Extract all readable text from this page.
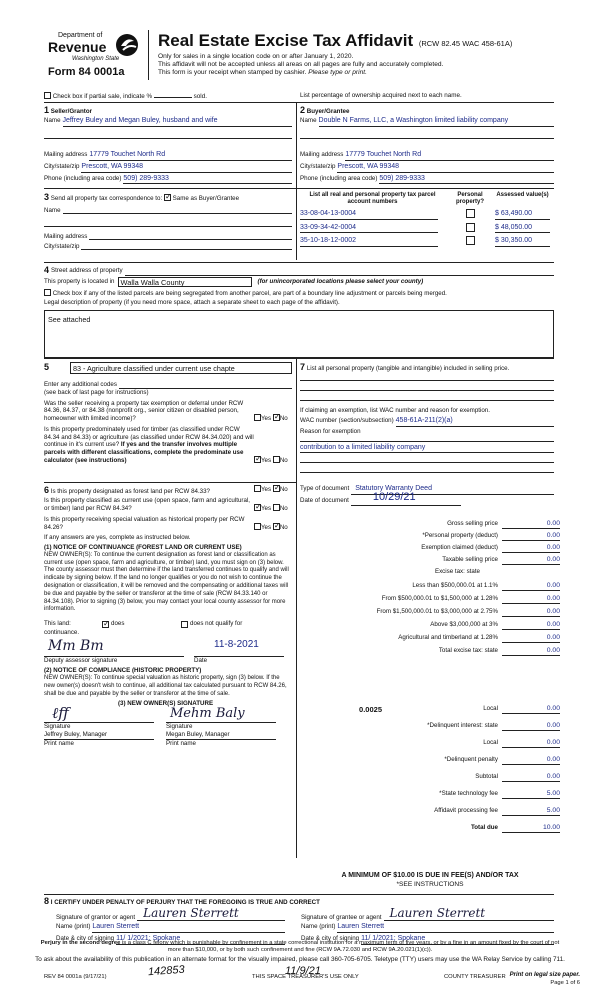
Department of
Revenue
Washington State
Form 84 0001a
Real Estate Excise Tax Affidavit (RCW 82.45 WAC 458-61A)
Only for sales in a single location code on or after January 1, 2020.
This affidavit will not be accepted unless all areas on all pages are fully and accurately completed.
This form is your receipt when stamped by cashier. Please type or print.
Check box if partial sale, indicate %	sold.	List percentage of ownership acquired next to each name.
1 Seller/Grantor
Name Jeffrey Buley and Megan Buley, husband and wife
Mailing address 17779 Touchet North Rd
City/state/zip Prescott, WA 99348
Phone (including area code) 509) 289-9333
2 Buyer/Grantee
Name Double N Farms, LLC, a Washington limited liability company
Mailing address 17779 Touchet North Rd
City/state/zip Prescott, WA 99348
Phone (including area code) 509) 289-9333
3 Send all property tax correspondence to: ✓ Same as Buyer/Grantee
Name
Mailing address
City/state/zip
List all real and personal property tax parcel account numbers
Personal property?
Assessed value(s)
33-08-04-13-0004	$ 63,490.00
33-09-34-42-0004	$ 48,050.00
35-10-18-12-0002	$ 30,350.00
4 Street address of property
This property is located in Walla Walla County	(for unincorporated locations please select your county)
Check box if any of the listed parcels are being segregated from another parcel, are part of a boundary line adjustment or parcels being merged.
Legal description of property (if you need more space, attach a separate sheet to each page of the affidavit).
See attached
5	83 - Agriculture classified under current use chapte
Enter any additional codes
(see back of last page for instructions)
Was the seller receiving a property tax exemption or deferral under RCW 84.36, 84.37, or 84.38 (nonprofit org., senior citizen or disabled person, homeowner with limited income)?	Yes ✓ No
Is this property predominately used for timber (as classified under RCW 84.34 and 84.33) or agriculture (as classified under RCW 84.34.020) and will continue in it's current use? If yes and the transfer involves multiple parcels with different classifications, complete the predominate use calculator (see instructions) ✓	Yes No
6 Is this property designated as forest land per RCW 84.33?	Yes ✓ No
Is this property classified as current use (open space, farm and agricultural, or timber) land per RCW 84.34? ✓	Yes No
Is this property receiving special valuation as historical property per RCW 84.26?	Yes ✓ No
If any answers are yes, complete as instructed below.
(1) NOTICE OF CONTINUANCE (FOREST LAND OR CURRENT USE)
NEW OWNER(S): To continue the current designation as forest land or classification as current use (open space, farm and agriculture, or timber) land, you must sign on (3) below. The county assessor must then determine if the land transferred continues to qualify and will indicate by signing below. If the land no longer qualifies or you do not wish to continue the designation or classification, it will be removed and the compensating or additional taxes will be due and payable by the seller or transferor at the time of sale (RCW 84.33.140 or 84.34.108). Prior to signing (3) below, you may contact your local county assessor for more information.
This land: ✓	does	does not qualify for
continuance.
Mm Bm	11-8-2021
Deputy assessor signature	Date
(2) NOTICE OF COMPLIANCE (HISTORIC PROPERTY)
NEW OWNER(S): To continue special valuation as historic property, sign (3) below. If the new owner(s) doesn't wish to continue, all additional tax calculated pursuant to RCW 84.26, shall be due and payable by the seller or transferor at the time of sale.
(3) NEW OWNER(S) SIGNATURE
ℓff	Mehm Baly
Signature	Signature
Jeffrey Buley, Manager	Megan Buley, Manager
Print name	Print name
7 List all personal property (tangible and intangible) included in selling price.
If claiming an exemption, list WAC number and reason for exemption.
WAC number (section/subsection) 458-61A-211(2)(a)
Reason for exemption
contribution to a limited liability company
Type of document Statutory Warranty Deed
Date of document 10/29/21
Gross selling price	0.00
*Personal property (deduct)	0.00
Exemption claimed (deduct)	0.00
Taxable selling price	0.00
Excise tax: state
Less than $500,000.01 at 1.1%	0.00
From $500,000.01 to $1,500,000 at 1.28%	0.00
From $1,500,000.01 to $3,000,000 at 2.75%	0.00
Above $3,000,000 at 3%	0.00
Agricultural and timberland at 1.28%	0.00
Total excise tax: state	0.00
*Delinquent interest: state	0.00
Local	0.00
*Delinquent penalty	0.00
Subtotal	0.00
*State technology fee	5.00
Affidavit processing fee	5.00
Total due	10.00
0.0025	Local	0.00
A MINIMUM OF $10.00 IS DUE IN FEE(S) AND/OR TAX
*SEE INSTRUCTIONS
8 I CERTIFY UNDER PENALTY OF PERJURY THAT THE FOREGOING IS TRUE AND CORRECT
Signature of grantor or agent Lauren Sterrett	Signature of grantee or agent Lauren Sterrett
Name (print) Lauren Sterrett	Name (print) Lauren Sterrett
Date & city of signing 11/ 1/2021; Spokane	Date & city of signing 11/ 1/2021; Spokane
Perjury in the second degree is a class C felony which is punishable by confinement in a state correctional institution for a maximum term of five years, or by a fine in an amount fixed by the court of not more than $10,000, or by both such confinement and fine (RCW 9A.72.030 and RCW 9A.20.021(1)(c)).
To ask about the availability of this publication in an alternate format for the visually impaired, please call 360-705-6705. Teletype (TTY) users may use the WA Relay Service by calling 711.
REV 84 0001a (9/17/21)	THIS SPACE TREASURER'S USE ONLY	COUNTY TREASURER
142853	11/9/21	Print on legal size paper.
Page 1 of 6
